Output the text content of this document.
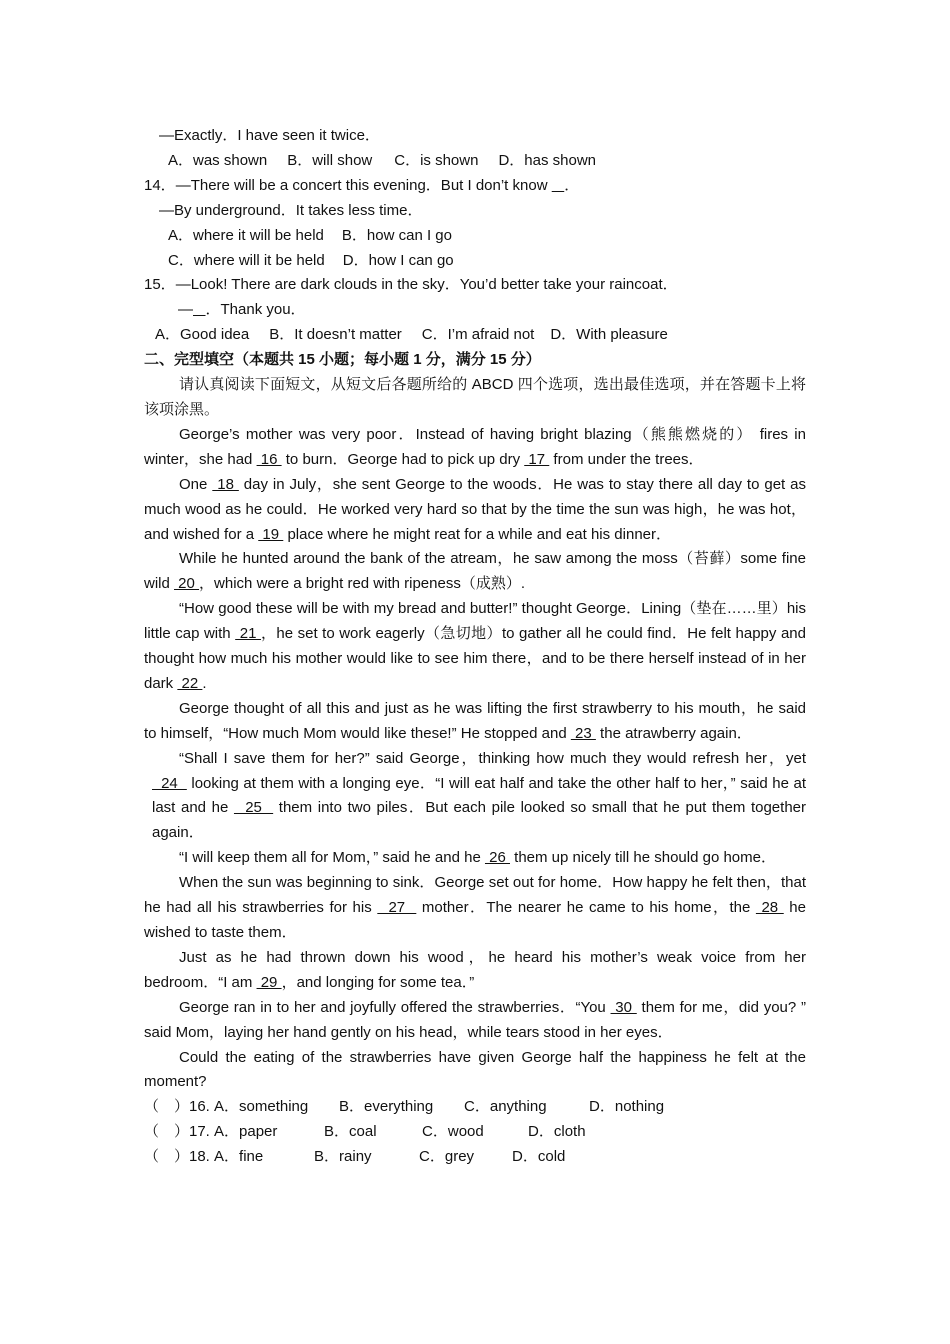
—Exactly．I have seen it twice．
A．was shown B．will show C．is shown D．has shown
14．—There will be a concert this evening．But I don’t know    ．
—By underground．It takes less time．
A．where it will be held B．how can I go
C．where will it be held D．how I can go
15．—Look! There are dark clouds in the sky．You’d better take your raincoat．
— ．Thank you．
A．Good idea B．It doesn’t matter C．I’m afraid not D．With pleasure
二、完型填空（本题共 15 小题；每小题 1 分，满分 15 分）
请认真阅读下面短文，从短文后各题所给的 ABCD 四个选项，选出最佳选项，并在答题卡上将该项涂黑。
George’s mother was very poor．Instead of having bright blazing（熊熊燃烧的） fires in winter，she had  16  to burn．George had to pick up dry  17  from under the trees．
One  18  day in July，she sent George to the woods．He was to stay there all day to get as much wood as he could．He worked very hard so that by the time the sun was high，he was hot，and wished for a  19  place where he might reat for a while and eat his dinner．
While he hunted around the bank of the atream，he saw among the moss（苔藓）some fine wild  20 ，which were a bright red with ripeness（成熟）.
“How good these will be with my bread and butter!” thought George．Lining（垫在……里）his little cap with  21 ，he set to work eagerly（急切地）to gather all he could find．He felt happy and thought how much his mother would like to see him there，and to be there herself instead of in her dark  22 .
George thought of all this and just as he was lifting the first strawberry to his mouth，he said to himself，“How much Mom would like these!” He stopped and  23  the atrawberry again．
“Shall I save them for her?” said George，thinking how much they would refresh her，yet   24   looking at them with a longing eye．“I will eat half and take the other half to her，” said he at last and he   25   them into two piles．But each pile looked so small that he put them together again．
“I will keep them all for Mom，” said he and he  26  them up nicely till he should go home．
When the sun was beginning to sink．George set out for home．How happy he felt then，that he had all his strawberries for his   27   mother．The nearer he came to his home，the  28  he wished to taste them．
Just as he had thrown down his wood，he heard his mother’s weak voice from her bedroom．“I am  29 ，and longing for some tea．”
George ran in to her and joyfully offered the strawberries．“You  30  them for me，did you? ” said Mom，laying her hand gently on his head，while tears stood in her eyes．
Could the eating of the strawberries have given George half the happiness he felt at the moment?
（　）16. A．something B．everything C．anything	D．nothing
（　）17. A．paper	B．coal	C．wood	D．cloth
（　）18. A．fine	B．rainy	C．grey	D．cold
